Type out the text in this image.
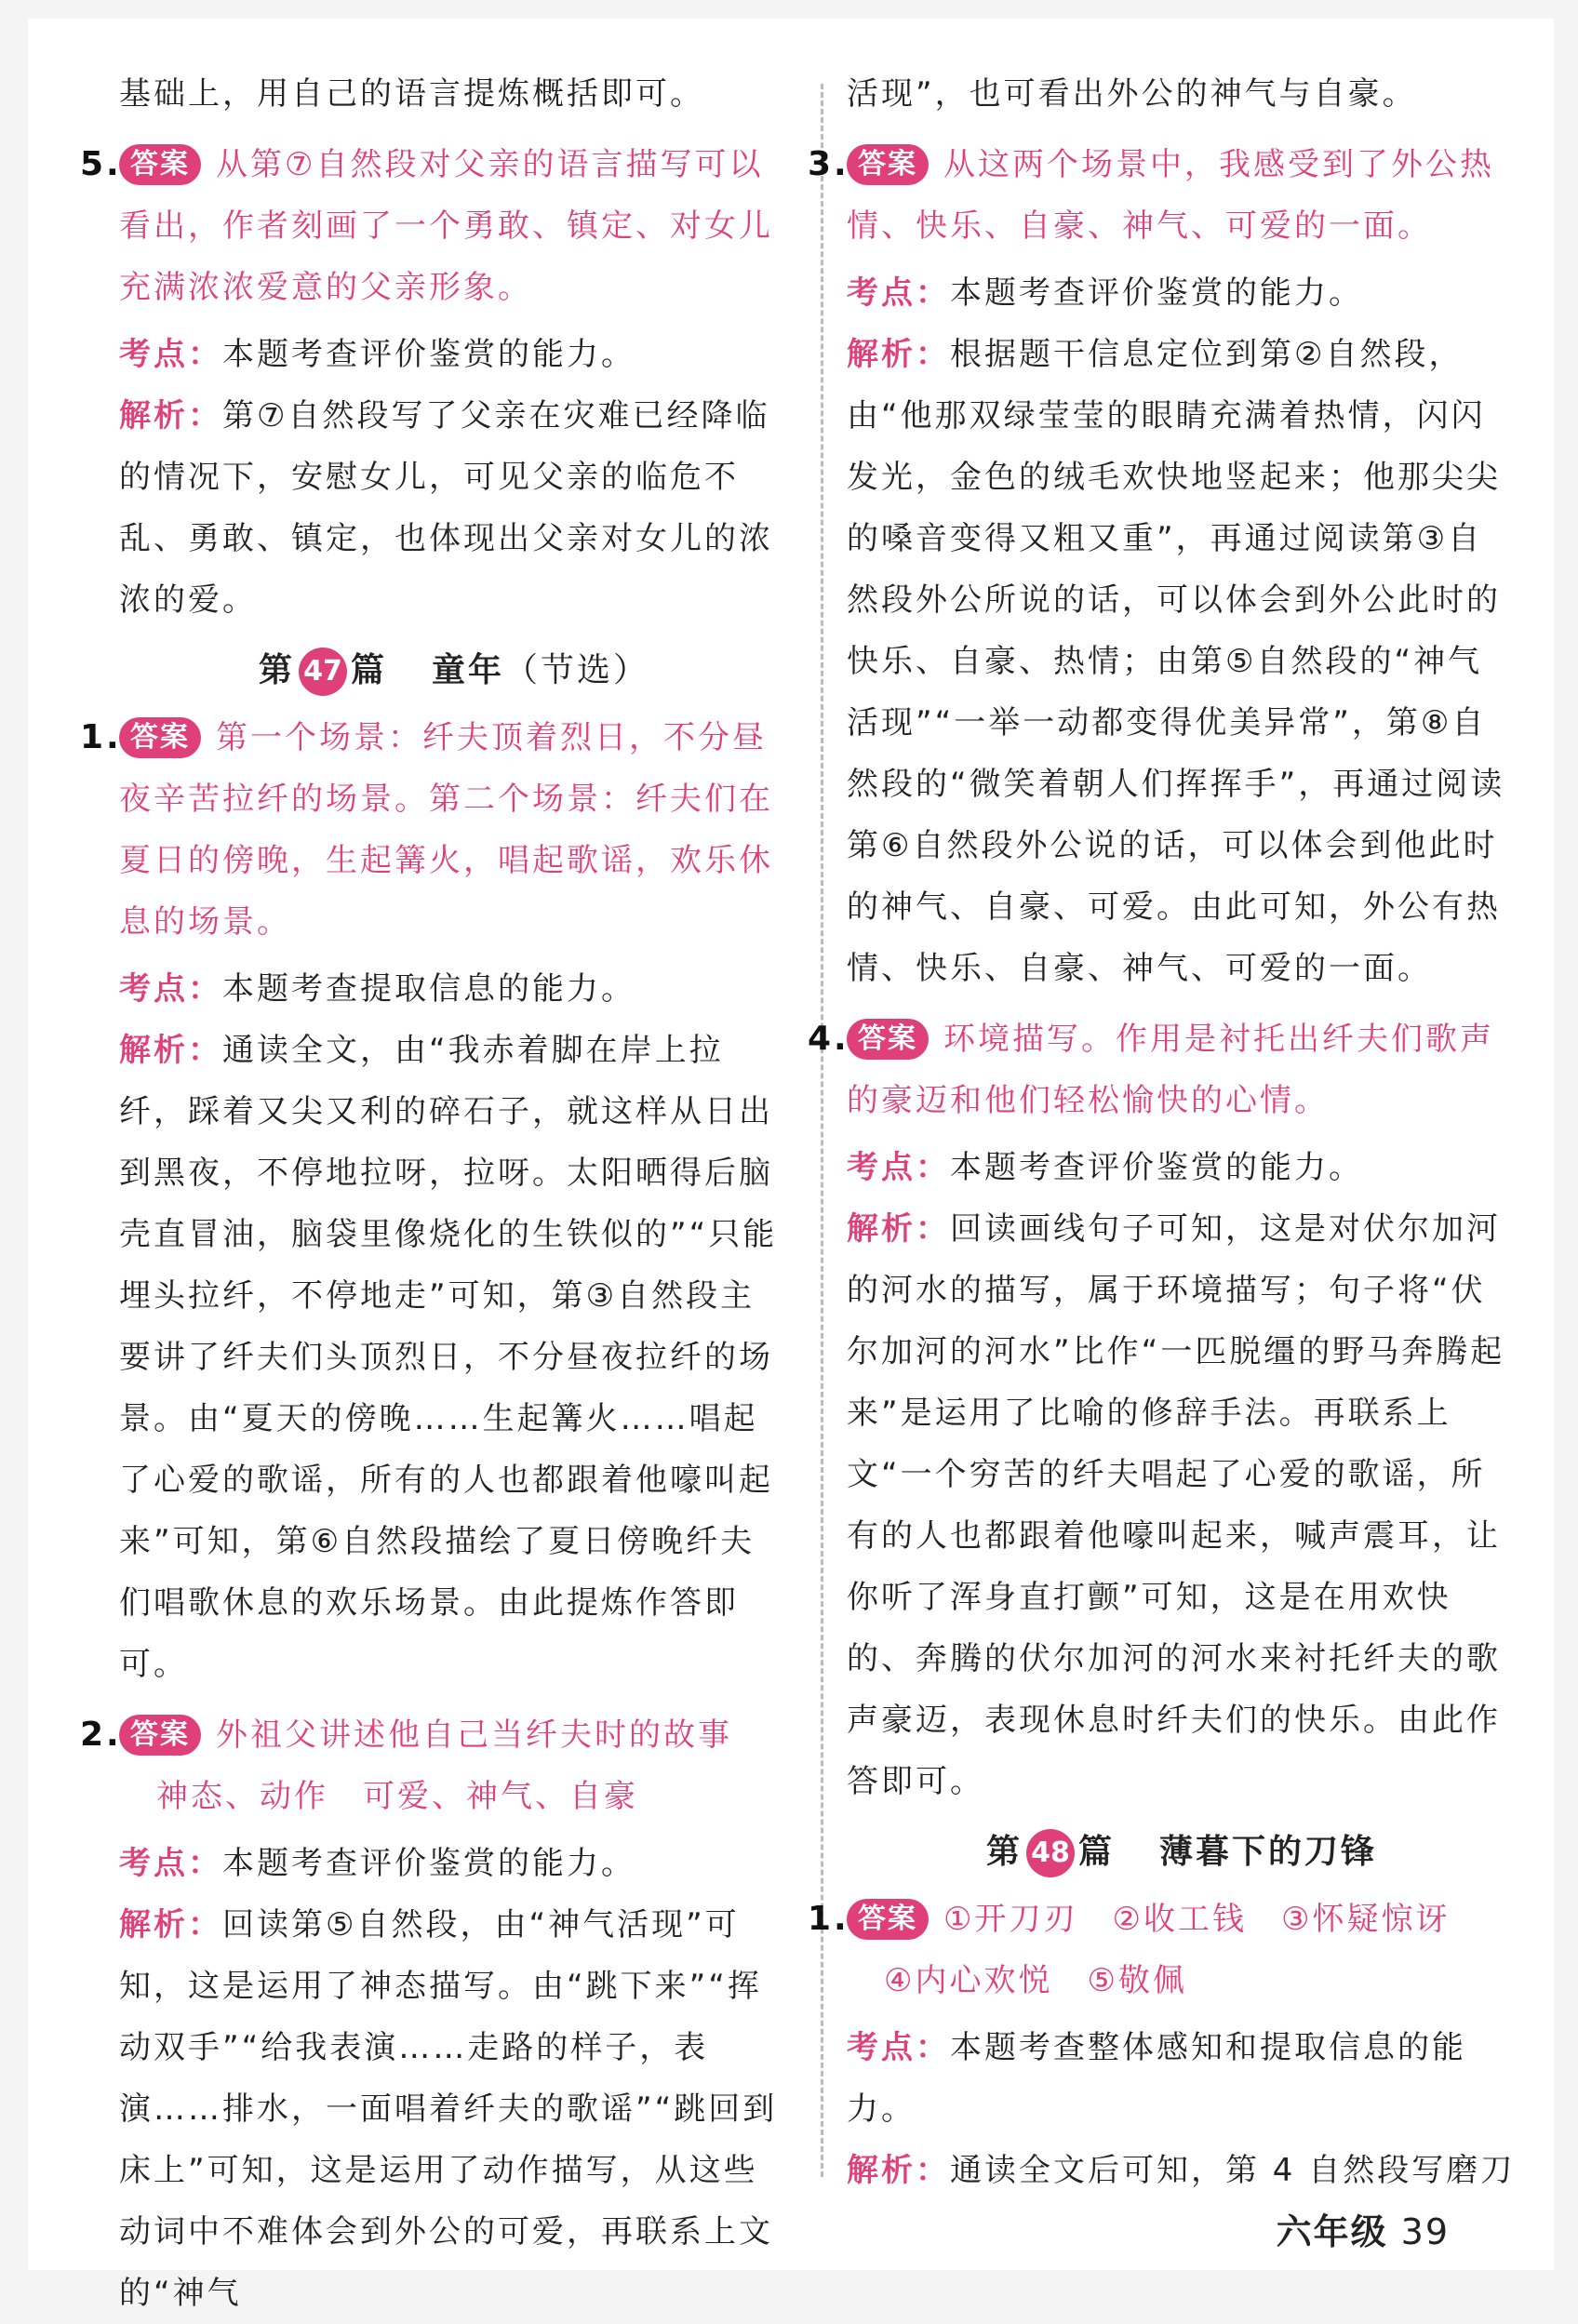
基础上，用自己的语言提炼概括即可。

5. 答案 从第⑦自然段对父亲的语言描写可以看出，作者刻画了一个勇敢、镇定、对女儿充满浓浓爱意的父亲形象。

考点：本题考查评价鉴赏的能力。

解析：第⑦自然段写了父亲在灾难已经降临的情况下，安慰女儿，可见父亲的临危不乱、勇敢、镇定，也体现出父亲对女儿的浓浓的爱。

第 47 篇 童年（节选）

1. 答案 第一个场景：纤夫顶着烈日，不分昼夜辛苦拉纤的场景。第二个场景：纤夫们在夏日的傍晚，生起篝火，唱起歌谣，欢乐休息的场景。

考点：本题考查提取信息的能力。

解析：通读全文，由“我赤着脚在岸上拉纤，踩着又尖又利的碎石子，就这样从日出到黑夜，不停地拉呀，拉呀。太阳晒得后脑壳直冒油，脑袋里像烧化的生铁似的”“只能埋头拉纤，不停地走”可知，第③自然段主要讲了纤夫们头顶烈日，不分昼夜拉纤的场景。由“夏天的傍晚……生起篝火……唱起了心爱的歌谣，所有的人也都跟着他嚎叫起来”可知，第⑥自然段描绘了夏日傍晚纤夫们唱歌休息的欢乐场景。由此提炼作答即可。

2. 答案 外祖父讲述他自己当纤夫时的故事

神态、动作　可爱、神气、自豪

考点：本题考查评价鉴赏的能力。

解析：回读第⑤自然段，由“神气活现”可知，这是运用了神态描写。由“跳下来”“挥动双手”“给我表演……走路的样子，表演……排水，一面唱着纤夫的歌谣”“跳回到床上”可知，这是运用了动作描写，从这些动词中不难体会到外公的可爱，再联系上文的“神气

活现”，也可看出外公的神气与自豪。

3. 答案 从这两个场景中，我感受到了外公热情、快乐、自豪、神气、可爱的一面。

考点：本题考查评价鉴赏的能力。

解析：根据题干信息定位到第②自然段，由“他那双绿莹莹的眼睛充满着热情，闪闪发光，金色的绒毛欢快地竖起来；他那尖尖的嗓音变得又粗又重”，再通过阅读第③自然段外公所说的话，可以体会到外公此时的快乐、自豪、热情；由第⑤自然段的“神气活现”“一举一动都变得优美异常”，第⑧自然段的“微笑着朝人们挥挥手”，再通过阅读第⑥自然段外公说的话，可以体会到他此时的神气、自豪、可爱。由此可知，外公有热情、快乐、自豪、神气、可爱的一面。

4. 答案 环境描写。作用是衬托出纤夫们歌声的豪迈和他们轻松愉快的心情。

考点：本题考查评价鉴赏的能力。

解析：回读画线句子可知，这是对伏尔加河的河水的描写，属于环境描写；句子将“伏尔加河的河水”比作“一匹脱缰的野马奔腾起来”是运用了比喻的修辞手法。再联系上文“一个穷苦的纤夫唱起了心爱的歌谣，所有的人也都跟着他嚎叫起来，喊声震耳，让你听了浑身直打颤”可知，这是在用欢快的、奔腾的伏尔加河的河水来衬托纤夫的歌声豪迈，表现休息时纤夫们的快乐。由此作答即可。

第 48 篇 薄暮下的刀锋

1. 答案 ①开刀刃　②收工钱　③怀疑惊讶

④内心欢悦　⑤敬佩

考点：本题考查整体感知和提取信息的能力。

解析：通读全文后可知，第 4 自然段写磨刀

六年级 39
